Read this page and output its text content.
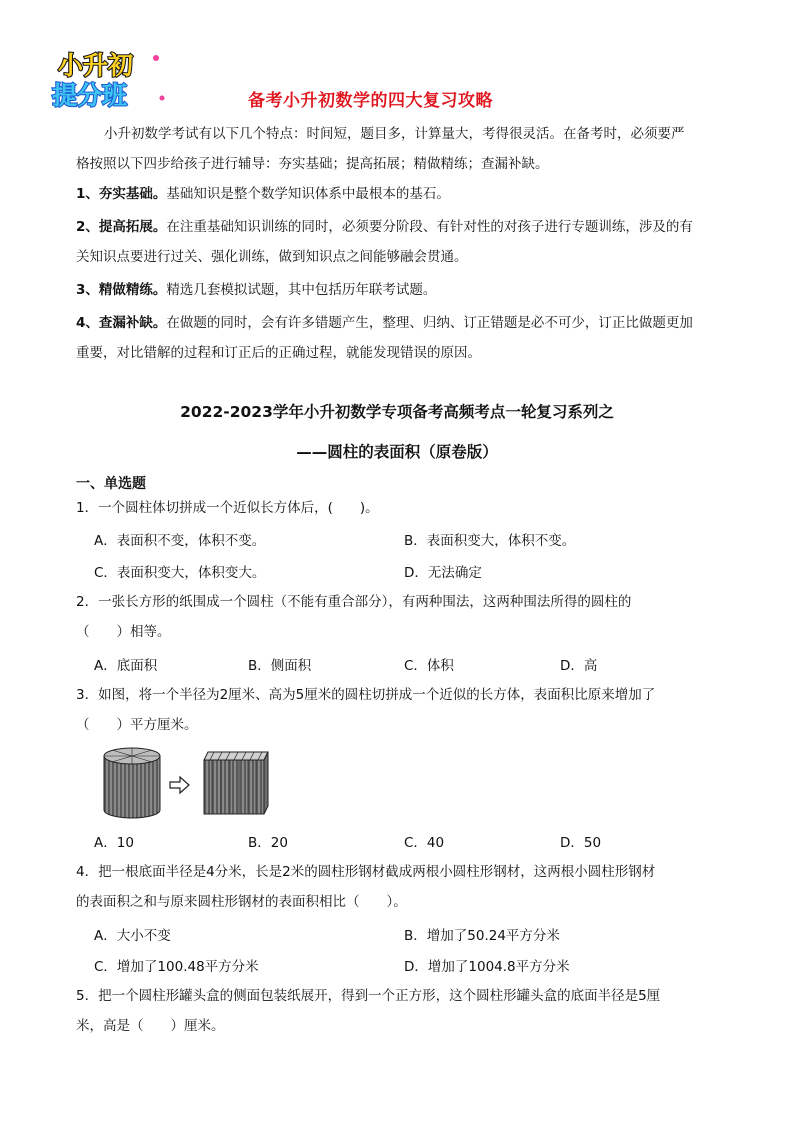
小升初
提分班	备考小升初数学的四大复习攻略
小升初数学考试有以下几个特点：时间短，题目多，计算量大，考得很灵活。在备考时，必须要严
格按照以下四步给孩子进行辅导：夯实基础；提高拓展；精做精练；查漏补缺。
1、夯实基础。基础知识是整个数学知识体系中最根本的基石。
2、提高拓展。在注重基础知识训练的同时，必须要分阶段、有针对性的对孩子进行专题训练，涉及的有
关知识点要进行过关、强化训练，做到知识点之间能够融会贯通。
3、精做精练。精选几套模拟试题，其中包括历年联考试题。
4、查漏补缺。在做题的同时，会有许多错题产生，整理、归纳、订正错题是必不可少，订正比做题更加
重要，对比错解的过程和订正后的正确过程，就能发现错误的原因。
2022-2023学年小升初数学专项备考高频考点一轮复习系列之
——圆柱的表面积（原卷版）
一、单选题
1．一个圆柱体切拼成一个近似长方体后，(　　)。
A．表面积不变，体积不变。	B．表面积变大，体积不变。
C．表面积变大，体积变大。	D．无法确定
2．一张长方形的纸围成一个圆柱（不能有重合部分），有两种围法，这两种围法所得的圆柱的
（　　）相等。
A．底面积	B．侧面积	C．体积	D．高
3．如图，将一个半径为2厘米、高为5厘米的圆柱切拼成一个近似的长方体，表面积比原来增加了
（　　）平方厘米。
A．10	B．20	C．40	D．50
4．把一根底面半径是4分米，长是2米的圆柱形钢材截成两根小圆柱形钢材，这两根小圆柱形钢材
的表面积之和与原来圆柱形钢材的表面积相比（　　）。
A．大小不变	B．增加了50.24平方分米
C．增加了100.48平方分米	D．增加了1004.8平方分米
5．把一个圆柱形罐头盒的侧面包装纸展开，得到一个正方形，这个圆柱形罐头盒的底面半径是5厘
米，高是（　　）厘米。
